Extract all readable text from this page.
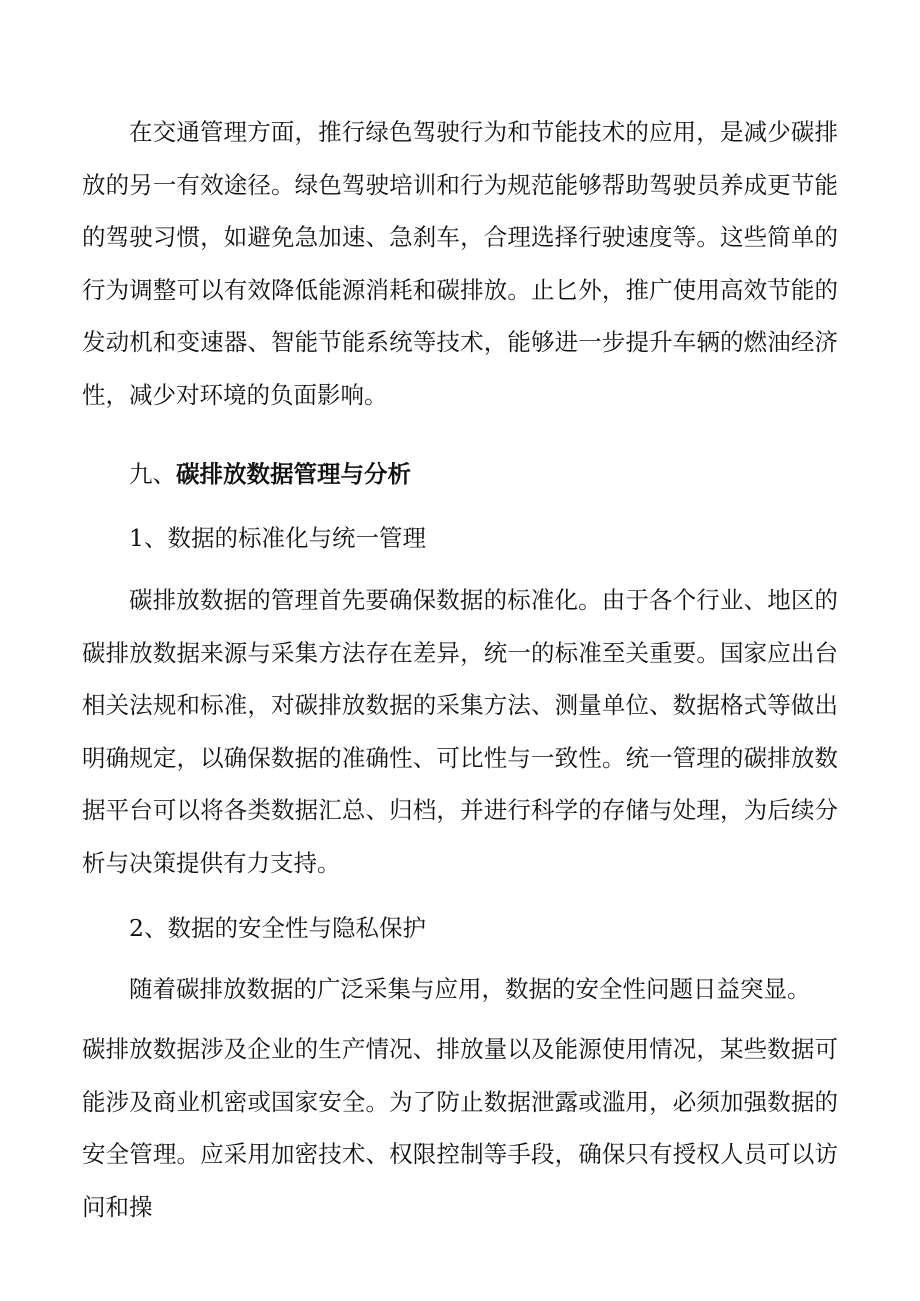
在交通管理方面，推行绿色驾驶行为和节能技术的应用，是减少碳排放的另一有效途径。绿色驾驶培训和行为规范能够帮助驾驶员养成更节能的驾驶习惯，如避免急加速、急刹车，合理选择行驶速度等。这些简单的行为调整可以有效降低能源消耗和碳排放。止匕外，推广使用高效节能的发动机和变速器、智能节能系统等技术，能够进一步提升车辆的燃油经济性，减少对环境的负面影响。

九、碳排放数据管理与分析

1、数据的标准化与统一管理

碳排放数据的管理首先要确保数据的标准化。由于各个行业、地区的碳排放数据来源与采集方法存在差异，统一的标准至关重要。国家应出台相关法规和标准，对碳排放数据的采集方法、测量单位、数据格式等做出明确规定，以确保数据的准确性、可比性与一致性。统一管理的碳排放数据平台可以将各类数据汇总、归档，并进行科学的存储与处理，为后续分析与决策提供有力支持。

2、数据的安全性与隐私保护

随着碳排放数据的广泛采集与应用，数据的安全性问题日益突显。

碳排放数据涉及企业的生产情况、排放量以及能源使用情况，某些数据可能涉及商业机密或国家安全。为了防止数据泄露或滥用，必须加强数据的安全管理。应采用加密技术、权限控制等手段，确保只有授权人员可以访问和操
